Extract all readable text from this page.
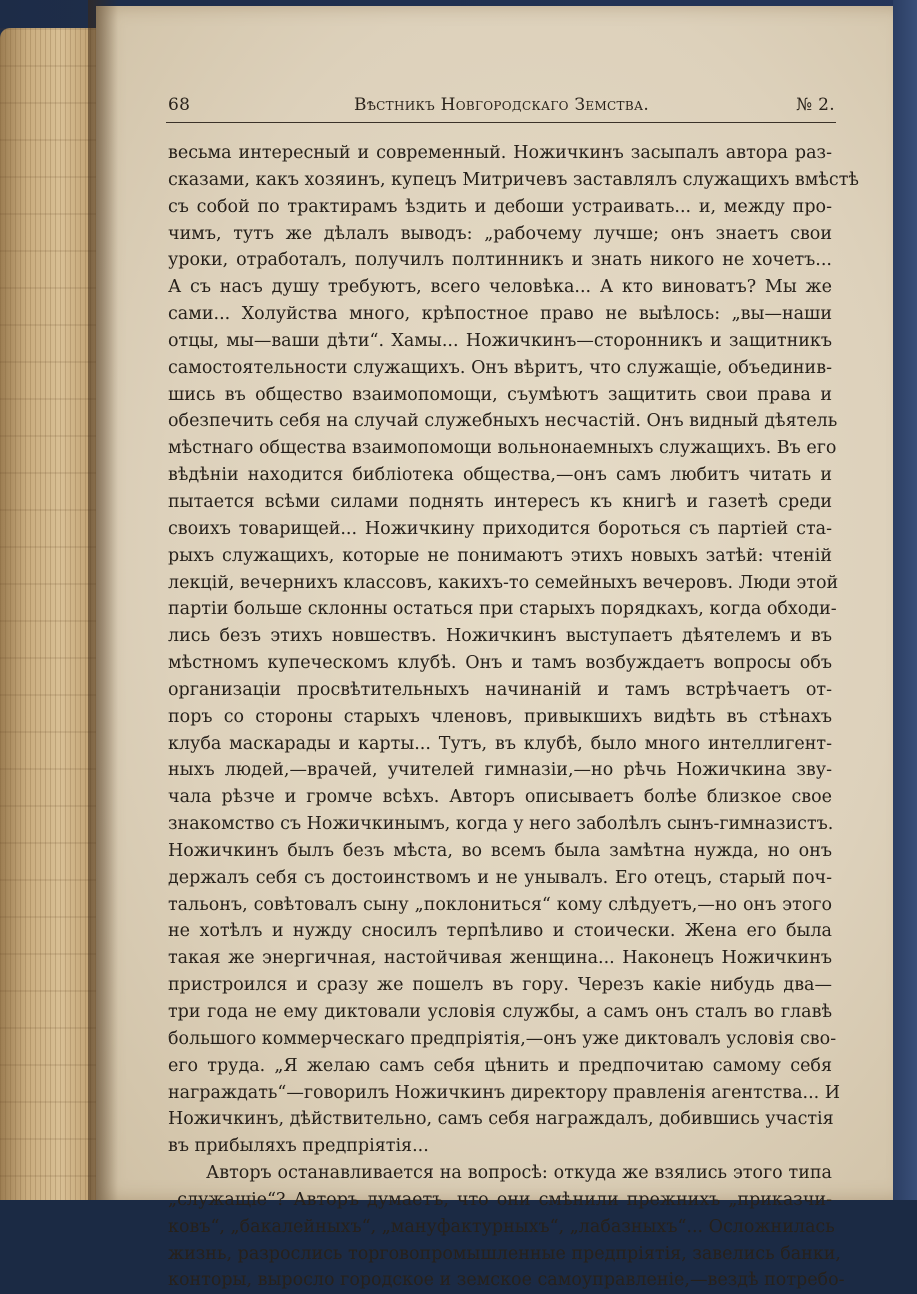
68	Вѣстникъ Новгородскаго Земства.	№ 2.
весьма интересный и современный. Ножичкинъ засыпалъ автора раз-
сказами, какъ хозяинъ, купецъ Митричевъ заставлялъ служащихъ вмѣстѣ
съ собой по трактирамъ ѣздить и дебоши устраивать... и, между про-
чимъ, тутъ же дѣлалъ выводъ: „рабочему лучше; онъ знаетъ свои
уроки, отработалъ, получилъ полтинникъ и знать никого не хочетъ...
А съ насъ душу требуютъ, всего человѣка... А кто виноватъ? Мы же
сами... Холуйства много, крѣпостное право не выѣлось: „вы—наши
отцы, мы—ваши дѣти“. Хамы... Ножичкинъ—сторонникъ и защитникъ
самостоятельности служащихъ. Онъ вѣритъ, что служащіе, объединив-
шись въ общество взаимопомощи, съумѣютъ защитить свои права и
обезпечить себя на случай служебныхъ несчастій. Онъ видный дѣятель
мѣстнаго общества взаимопомощи вольнонаемныхъ служащихъ. Въ его
вѣдѣніи находится библіотека общества,—онъ самъ любитъ читать и
пытается всѣми силами поднять интересъ къ книгѣ и газетѣ среди
своихъ товарищей... Ножичкину приходится бороться съ партіей ста-
рыхъ служащихъ, которые не понимаютъ этихъ новыхъ затѣй: чтеній
лекцій, вечернихъ классовъ, какихъ-то семейныхъ вечеровъ. Люди этой
партіи больше склонны остаться при старыхъ порядкахъ, когда обходи-
лись безъ этихъ новшествъ. Ножичкинъ выступаетъ дѣятелемъ и въ
мѣстномъ купеческомъ клубѣ. Онъ и тамъ возбуждаетъ вопросы объ
организаціи просвѣтительныхъ начинаній и тамъ встрѣчаетъ от-
поръ со стороны старыхъ членовъ, привыкшихъ видѣть въ стѣнахъ
клуба маскарады и карты... Тутъ, въ клубѣ, было много интеллигент-
ныхъ людей,—врачей, учителей гимназіи,—но рѣчь Ножичкина зву-
чала рѣзче и громче всѣхъ. Авторъ описываетъ болѣе близкое свое
знакомство съ Ножичкинымъ, когда у него заболѣлъ сынъ-гимназистъ.
Ножичкинъ былъ безъ мѣста, во всемъ была замѣтна нужда, но онъ
держалъ себя съ достоинствомъ и не унывалъ. Его отецъ, старый поч-
тальонъ, совѣтовалъ сыну „поклониться“ кому слѣдуетъ,—но онъ этого
не хотѣлъ и нужду сносилъ терпѣливо и стоически. Жена его была
такая же энергичная, настойчивая женщина... Наконецъ Ножичкинъ
пристроился и сразу же пошелъ въ гору. Черезъ какіе нибудь два—
три года не ему диктовали условія службы, а самъ онъ сталъ во главѣ
большого коммерческаго предпріятія,—онъ уже диктовалъ условія сво-
его труда. „Я желаю самъ себя цѣнить и предпочитаю самому себя
награждать“—говорилъ Ножичкинъ директору правленія агентства... И
Ножичкинъ, дѣйствительно, самъ себя награждалъ, добившись участія
въ прибыляхъ предпріятія...
Авторъ останавливается на вопросѣ: откуда же взялись этого типа
„служащіе“? Авторъ думаетъ, что они смѣнили прежнихъ „приказчи-
ковъ“, „бакалейныхъ“, „мануфактурныхъ“, „лабазныхъ“... Осложнилась
жизнь, разрослись торговопромышленные предпріятія, завелись банки,
конторы, выросло городское и земское самоуправленіе,—вездѣ потребо-
